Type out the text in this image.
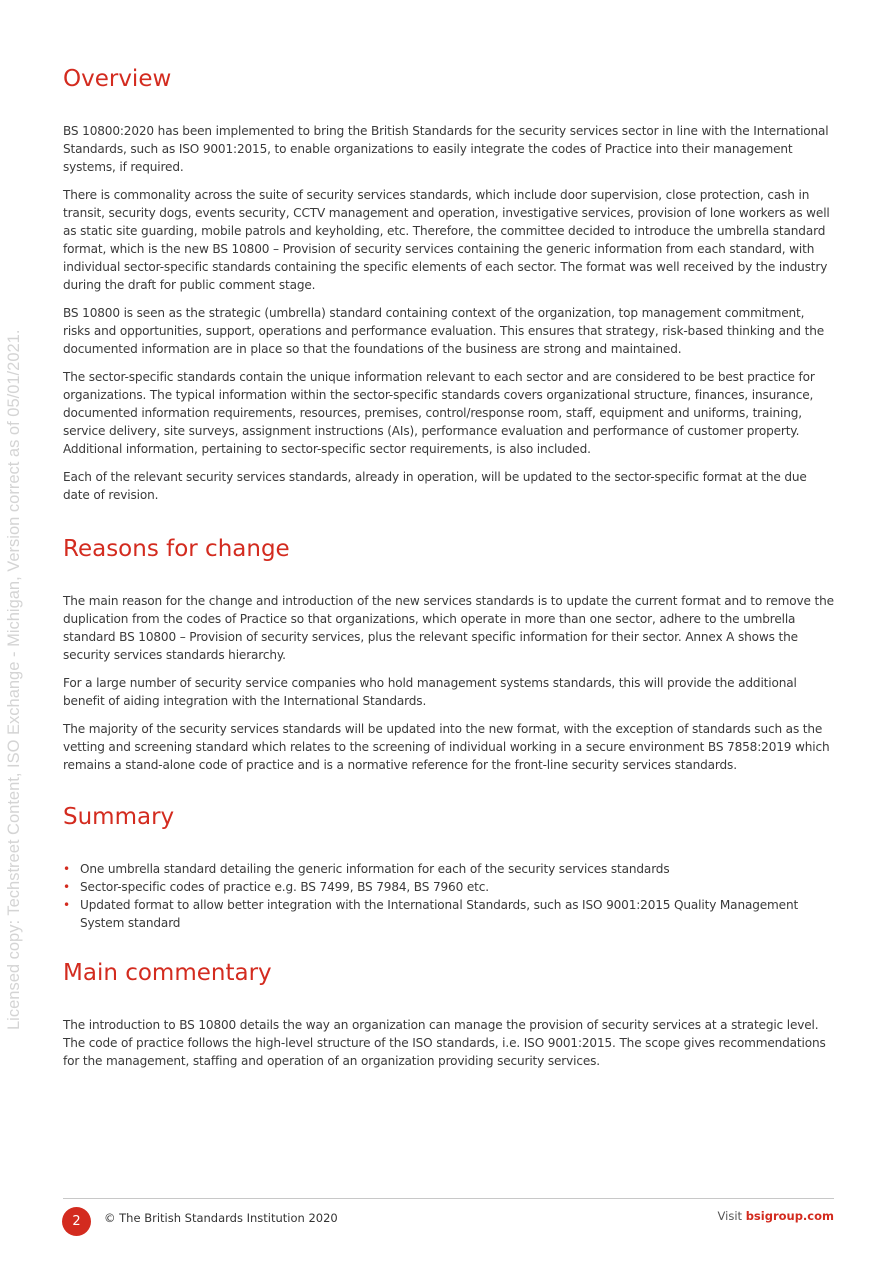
Licensed copy: Techstreet Content, ISO Exchange - Michigan, Version correct as of 05/01/2021.
Overview

BS 10800:2020 has been implemented to bring the British Standards for the security services sector in line with the International Standards, such as ISO 9001:2015, to enable organizations to easily integrate the codes of Practice into their management systems, if required.

There is commonality across the suite of security services standards, which include door supervision, close protection, cash in transit, security dogs, events security, CCTV management and operation, investigative services, provision of lone workers as well as static site guarding, mobile patrols and keyholding, etc. Therefore, the committee decided to introduce the umbrella standard format, which is the new BS 10800 – Provision of security services containing the generic information from each standard, with individual sector-specific standards containing the specific elements of each sector. The format was well received by the industry during the draft for public comment stage.

BS 10800 is seen as the strategic (umbrella) standard containing context of the organization, top management commitment, risks and opportunities, support, operations and performance evaluation. This ensures that strategy, risk-based thinking and the documented information are in place so that the foundations of the business are strong and maintained.

The sector-specific standards contain the unique information relevant to each sector and are considered to be best practice for organizations. The typical information within the sector-specific standards covers organizational structure, finances, insurance, documented information requirements, resources, premises, control/response room, staff, equipment and uniforms, training, service delivery, site surveys, assignment instructions (AIs), performance evaluation and performance of customer property. Additional information, pertaining to sector-specific sector requirements, is also included.

Each of the relevant security services standards, already in operation, will be updated to the sector-specific format at the due date of revision.

Reasons for change

The main reason for the change and introduction of the new services standards is to update the current format and to remove the duplication from the codes of Practice so that organizations, which operate in more than one sector, adhere to the umbrella standard BS 10800 – Provision of security services, plus the relevant specific information for their sector. Annex A shows the security services standards hierarchy.

For a large number of security service companies who hold management systems standards, this will provide the additional benefit of aiding integration with the International Standards.

The majority of the security services standards will be updated into the new format, with the exception of standards such as the vetting and screening standard which relates to the screening of individual working in a secure environment BS 7858:2019 which remains a stand-alone code of practice and is a normative reference for the front-line security services standards.

Summary
• One umbrella standard detailing the generic information for each of the security services standards
• Sector-specific codes of practice e.g. BS 7499, BS 7984, BS 7960 etc.
• Updated format to allow better integration with the International Standards, such as ISO 9001:2015 Quality Management System standard
Main commentary

The introduction to BS 10800 details the way an organization can manage the provision of security services at a strategic level. The code of practice follows the high-level structure of the ISO standards, i.e. ISO 9001:2015. The scope gives recommendations for the management, staffing and operation of an organization providing security services.

2	© The British Standards Institution 2020	Visit bsigroup.com
